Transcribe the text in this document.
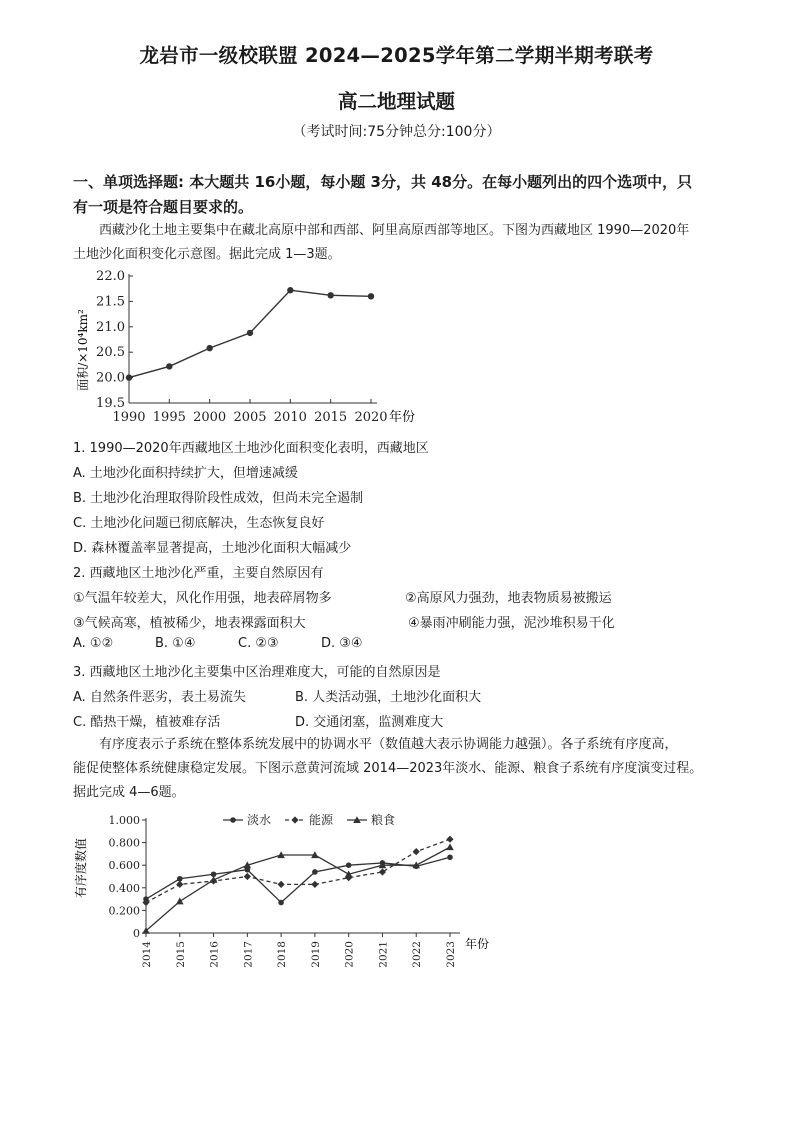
龙岩市一级校联盟 2024—2025学年第二学期半期考联考
高二地理试题
（考试时间:75分钟总分:100分）
一、单项选择题: 本大题共 16小题，每小题 3分，共 48分。在每小题列出的四个选项中，只
有一项是符合题目要求的。
西藏沙化土地主要集中在藏北高原中部和西部、阿里高原西部等地区。下图为西藏地区 1990—2020年
土地沙化面积变化示意图。据此完成 1—3题。
19.5
20.0
20.5
21.0
21.5
22.0
1990 1995 2000 2005 2010 2015 2020
面积/×10⁴km²
年份
1. 1990—2020年西藏地区土地沙化面积变化表明，西藏地区
A. 土地沙化面积持续扩大，但增速减缓
B. 土地沙化治理取得阶段性成效，但尚未完全遏制
C. 土地沙化问题已彻底解决，生态恢复良好
D. 森林覆盖率显著提高，土地沙化面积大幅减少
2. 西藏地区土地沙化严重，主要自然原因有
①气温年较差大，风化作用强，地表碎屑物多	②高原风力强劲，地表物质易被搬运
③气候高寒，植被稀少，地表裸露面积大	④暴雨冲刷能力强，泥沙堆积易干化
A. ①②	B. ①④	C. ②③	D. ③④
3. 西藏地区土地沙化主要集中区治理难度大，可能的自然原因是
A. 自然条件恶劣，表土易流失	B. 人类活动强，土地沙化面积大
C. 酷热干燥，植被难存活	D. 交通闭塞，监测难度大
有序度表示子系统在整体系统发展中的协调水平（数值越大表示协调能力越强）。各子系统有序度高，
能促使整体系统健康稳定发展。下图示意黄河流域 2014—2023年淡水、能源、粮食子系统有序度演变过程。
据此完成 4—6题。
淡水	能源	粮食
0
0.200
0.400
0.600
0.800
1.000
2014 2015 2016 2017 2018 2019 2020 2021 2022 2023
有序度数值
年份
